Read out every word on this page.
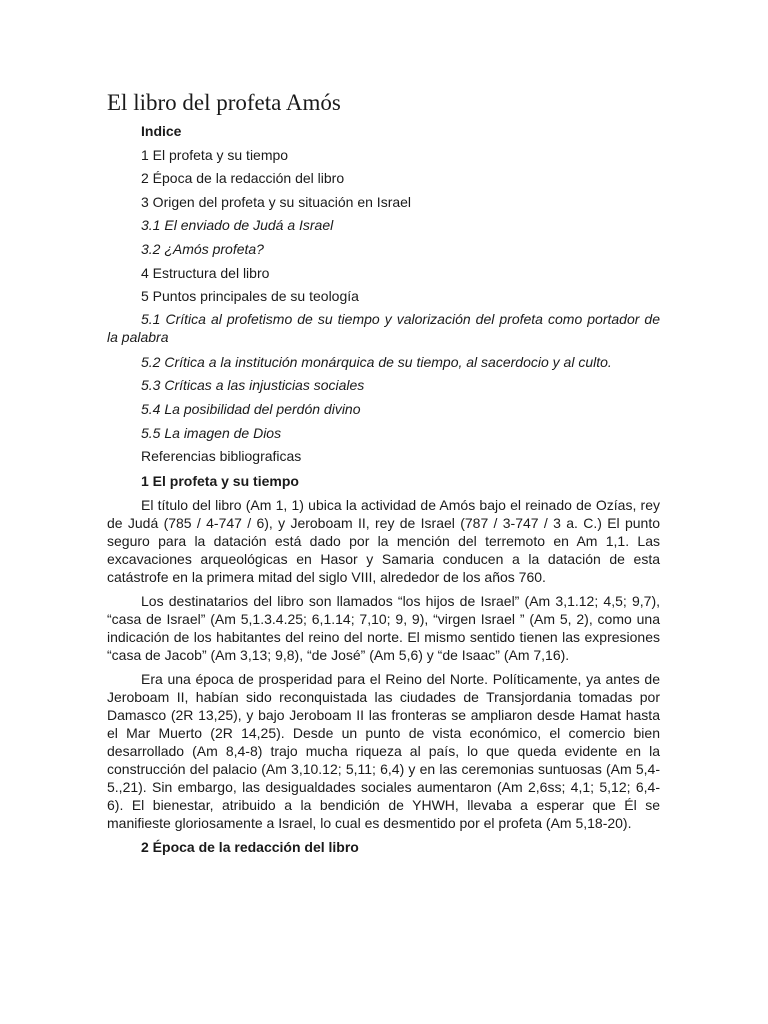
El libro del profeta Amós
Indice
1 El profeta y su tiempo
2 Época de la redacción del libro
3 Origen del profeta y su situación en Israel
3.1 El enviado de Judá a Israel
3.2 ¿Amós profeta?
4 Estructura del libro
5 Puntos principales de su teología
5.1 Crítica al profetismo de su tiempo y valorización del profeta como portador de la palabra
5.2 Crítica a la institución monárquica de su tiempo, al sacerdocio y al culto.
5.3 Críticas a las injusticias sociales
5.4 La posibilidad del perdón divino
5.5 La imagen de Dios
Referencias bibliograficas
1 El profeta y su tiempo

El título del libro (Am 1, 1) ubica la actividad de Amós bajo el reinado de Ozías, rey de Judá (785 / 4-747 / 6), y Jeroboam II, rey de Israel (787 / 3-747 / 3 a. C.) El punto seguro para la datación está dado por la mención del terremoto en Am 1,1. Las excavaciones arqueológicas en Hasor y Samaria conducen a la datación de esta catástrofe en la primera mitad del siglo VIII, alrededor de los años 760.

Los destinatarios del libro son llamados “los hijos de Israel” (Am 3,1.12; 4,5; 9,7), “casa de Israel” (Am 5,1.3.4.25; 6,1.14; 7,10; 9, 9), “virgen Israel ” (Am 5, 2), como una indicación de los habitantes del reino del norte. El mismo sentido tienen las expresiones “casa de Jacob” (Am 3,13; 9,8), “de José” (Am 5,6) y “de Isaac” (Am 7,16).

Era una época de prosperidad para el Reino del Norte. Políticamente, ya antes de Jeroboam II, habían sido reconquistada las ciudades de Transjordania tomadas por Damasco (2R 13,25), y bajo Jeroboam II las fronteras se ampliaron desde Hamat hasta el Mar Muerto (2R 14,25). Desde un punto de vista económico, el comercio bien desarrollado (Am 8,4-8) trajo mucha riqueza al país, lo que queda evidente en la construcción del palacio (Am 3,10.12; 5,11; 6,4) y en las ceremonias suntuosas (Am 5,4-5.,21). Sin embargo, las desigualdades sociales aumentaron (Am 2,6ss; 4,1; 5,12; 6,4-6). El bienestar, atribuido a la bendición de YHWH, llevaba a esperar que Él se manifieste gloriosamente a Israel, lo cual es desmentido por el profeta (Am 5,18-20).

2 Época de la redacción del libro
